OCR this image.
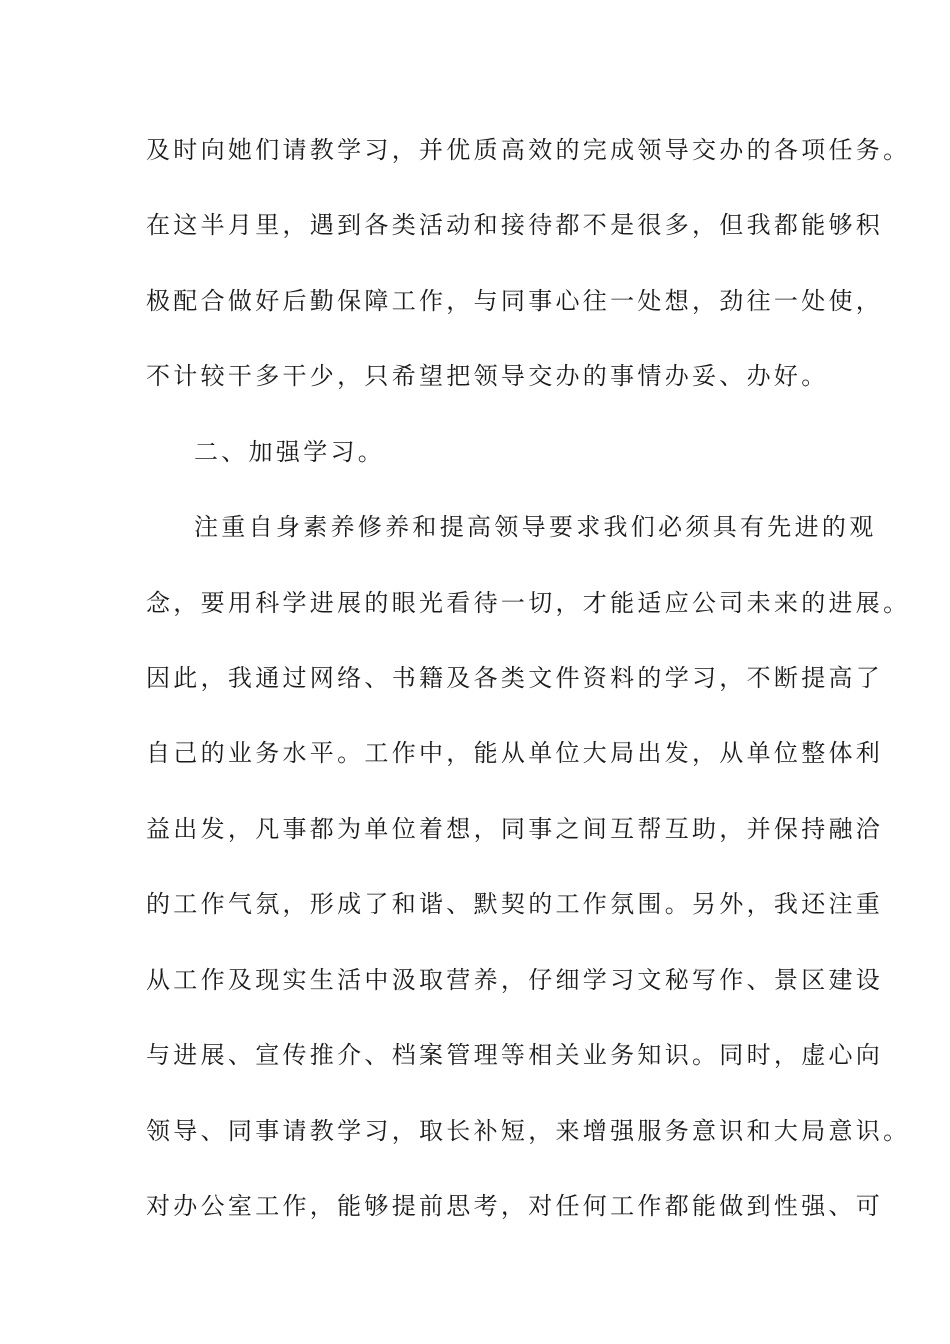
及时向她们请教学习，并优质高效的完成领导交办的各项任务。
在这半月里，遇到各类活动和接待都不是很多，但我都能够积
极配合做好后勤保障工作，与同事心往一处想，劲往一处使，
不计较干多干少，只希望把领导交办的事情办妥、办好。
二、加强学习。
注重自身素养修养和提高领导要求我们必须具有先进的观
念，要用科学进展的眼光看待一切，才能适应公司未来的进展。
因此，我通过网络、书籍及各类文件资料的学习，不断提高了
自己的业务水平。工作中，能从单位大局出发，从单位整体利
益出发，凡事都为单位着想，同事之间互帮互助，并保持融洽
的工作气氛，形成了和谐、默契的工作氛围。另外，我还注重
从工作及现实生活中汲取营养，仔细学习文秘写作、景区建设
与进展、宣传推介、档案管理等相关业务知识。同时，虚心向
领导、同事请教学习，取长补短，来增强服务意识和大局意识。
对办公室工作，能够提前思考，对任何工作都能做到性强、可
